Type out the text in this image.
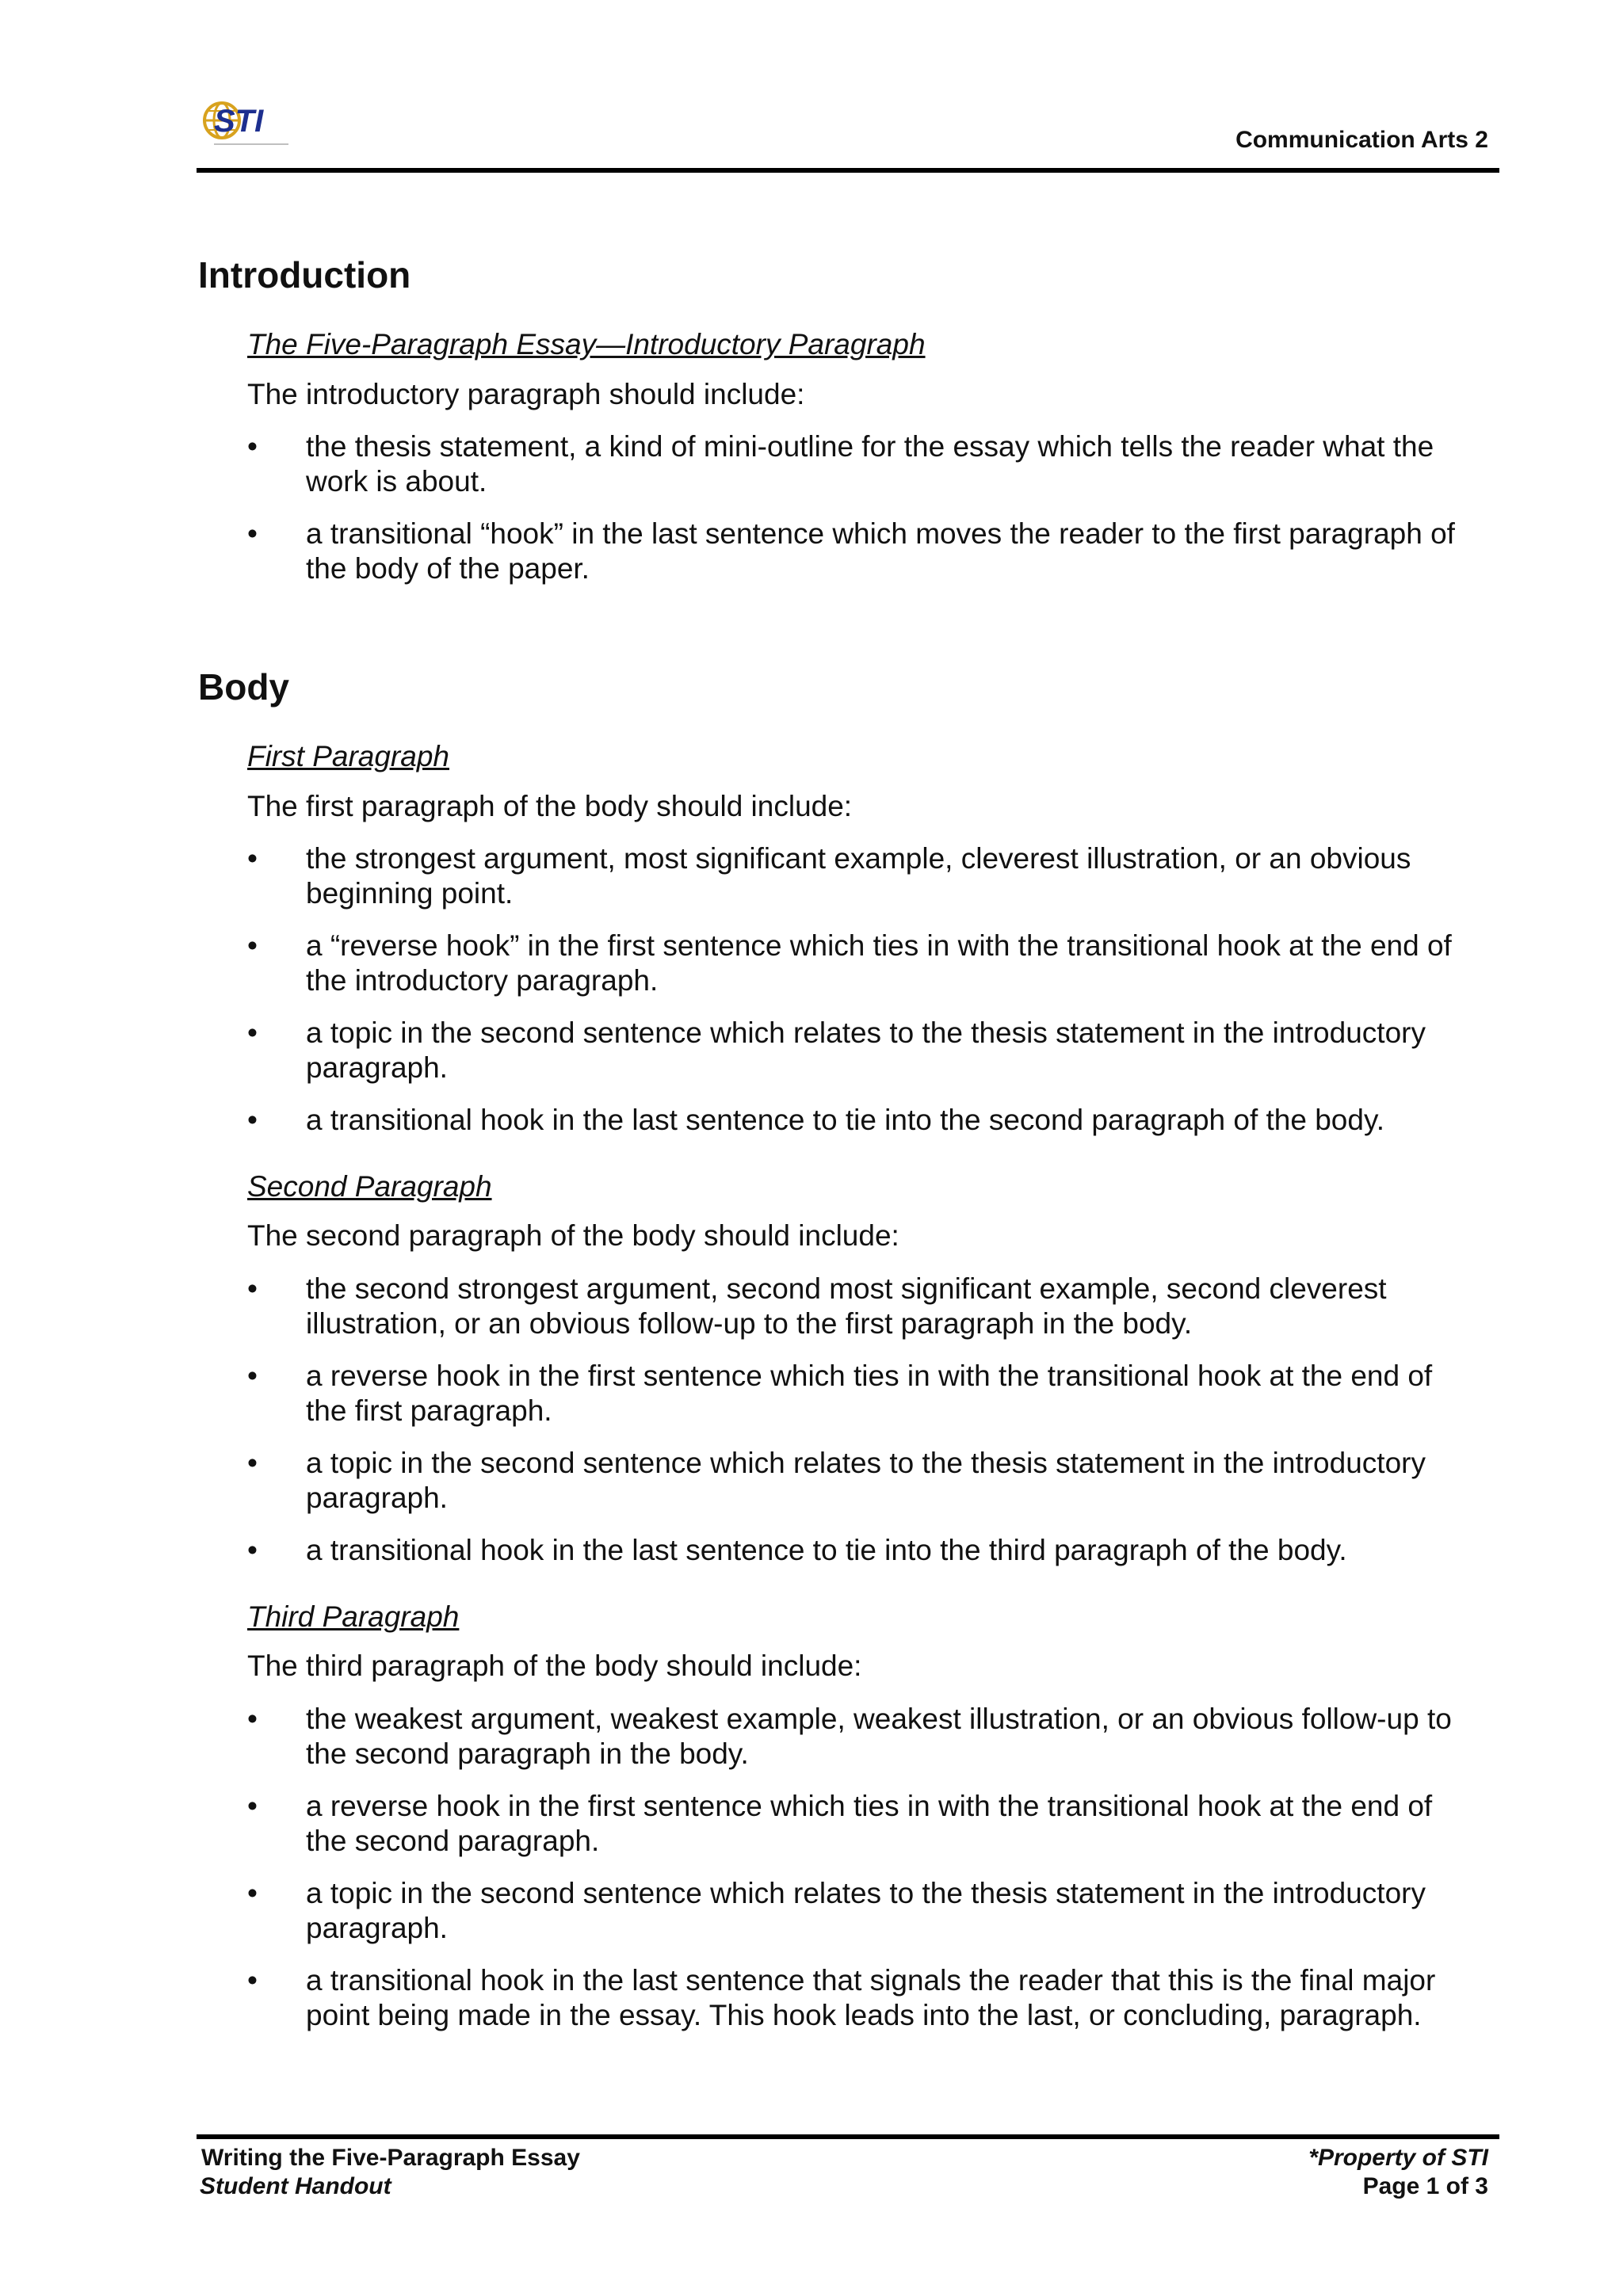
STI
Communication Arts 2
Introduction
The Five-Paragraph Essay—Introductory Paragraph
The introductory paragraph should include:
• the thesis statement, a kind of mini-outline for the essay which tells the reader what the
work is about.
• a transitional “hook” in the last sentence which moves the reader to the first paragraph of
the body of the paper.
Body
First Paragraph
The first paragraph of the body should include:
• the strongest argument, most significant example, cleverest illustration, or an obvious
beginning point.
• a “reverse hook” in the first sentence which ties in with the transitional hook at the end of
the introductory paragraph.
• a topic in the second sentence which relates to the thesis statement in the introductory
paragraph.
• a transitional hook in the last sentence to tie into the second paragraph of the body.
Second Paragraph
The second paragraph of the body should include:
• the second strongest argument, second most significant example, second cleverest
illustration, or an obvious follow-up to the first paragraph in the body.
• a reverse hook in the first sentence which ties in with the transitional hook at the end of
the first paragraph.
• a topic in the second sentence which relates to the thesis statement in the introductory
paragraph.
• a transitional hook in the last sentence to tie into the third paragraph of the body.
Third Paragraph
The third paragraph of the body should include:
• the weakest argument, weakest example, weakest illustration, or an obvious follow-up to
the second paragraph in the body.
• a reverse hook in the first sentence which ties in with the transitional hook at the end of
the second paragraph.
• a topic in the second sentence which relates to the thesis statement in the introductory
paragraph.
• a transitional hook in the last sentence that signals the reader that this is the final major
point being made in the essay. This hook leads into the last, or concluding, paragraph.
Writing the Five-Paragraph Essay	*Property of STI
Student Handout	Page 1 of 3
